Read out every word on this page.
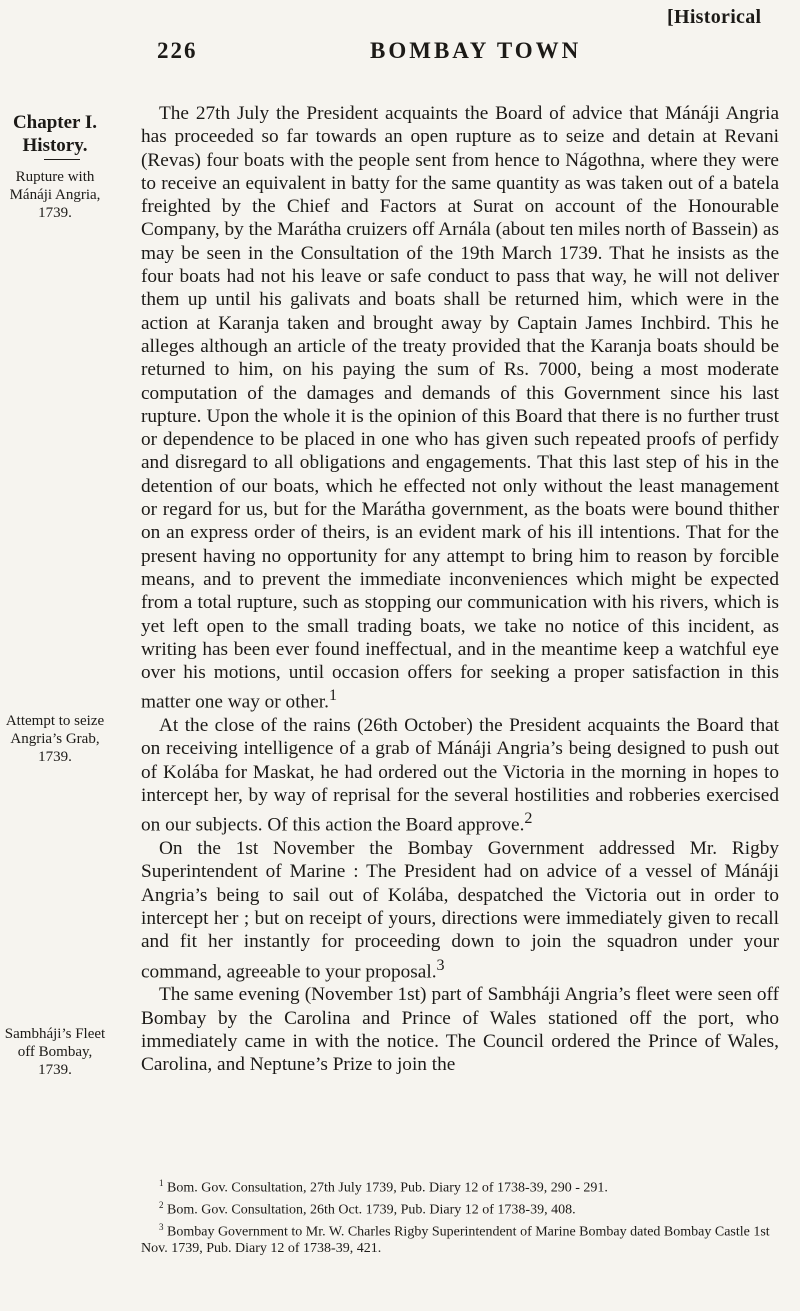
[Historical
226	BOMBAY TOWN
Chapter I.
History.
Rupture with Mánáji Angria, 1739.
Attempt to seize Angria’s Grab, 1739.
Sambháji’s Fleet off Bombay, 1739.

The 27th July the President acquaints the Board of advice that Mánáji Angria has proceeded so far towards an open rupture as to seize and detain at Revani (Revas) four boats with the people sent from hence to Nágothna, where they were to receive an equivalent in batty for the same quantity as was taken out of a batela freighted by the Chief and Factors at Surat on account of the Honourable Company, by the Marátha cruizers off Arnála (about ten miles north of Bassein) as may be seen in the Consultation of the 19th March 1739. That he insists as the four boats had not his leave or safe conduct to pass that way, he will not deliver them up until his galivats and boats shall be returned him, which were in the action at Karanja taken and brought away by Captain James Inchbird. This he alleges although an article of the treaty provided that the Karanja boats should be returned to him, on his paying the sum of Rs. 7000, being a most moderate computation of the damages and demands of this Government since his last rupture. Upon the whole it is the opinion of this Board that there is no further trust or dependence to be placed in one who has given such repeated proofs of perfidy and disregard to all obligations and engagements. That this last step of his in the detention of our boats, which he effected not only without the least management or regard for us, but for the Marátha government, as the boats were bound thither on an express order of theirs, is an evident mark of his ill intentions. That for the present having no opportunity for any attempt to bring him to reason by forcible means, and to prevent the immediate inconveniences which might be expected from a total rupture, such as stopping our communication with his rivers, which is yet left open to the small trading boats, we take no notice of this incident, as writing has been ever found ineffectual, and in the meantime keep a watchful eye over his motions, until occasion offers for seeking a proper satisfaction in this matter one way or other.$^1$

At the close of the rains (26th October) the President acquaints the Board that on receiving intelligence of a grab of Mánáji Angria’s being designed to push out of Kolába for Maskat, he had ordered out the Victoria in the morning in hopes to intercept her, by way of reprisal for the several hostilities and robberies exercised on our subjects. Of this action the Board approve.$^2$

On the 1st November the Bombay Government addressed Mr. Rigby Superintendent of Marine : The President had on advice of a vessel of Mánáji Angria’s being to sail out of Kolába, despatched the Victoria out in order to intercept her ; but on receipt of yours, directions were immediately given to recall and fit her instantly for proceeding down to join the squadron under your command, agreeable to your proposal.$^3$

The same evening (November 1st) part of Sambháji Angria’s fleet were seen off Bombay by the Carolina and Prince of Wales stationed off the port, who immediately came in with the notice. The Council ordered the Prince of Wales, Carolina, and Neptune’s Prize to join the

$^1$ Bom. Gov. Consultation, 27th July 1739, Pub. Diary 12 of 1738-39, 290 - 291.

$^2$ Bom. Gov. Consultation, 26th Oct. 1739, Pub. Diary 12 of 1738-39, 408.

$^3$ Bombay Government to Mr. W. Charles Rigby Superintendent of Marine Bombay dated Bombay Castle 1st Nov. 1739, Pub. Diary 12 of 1738-39, 421.
